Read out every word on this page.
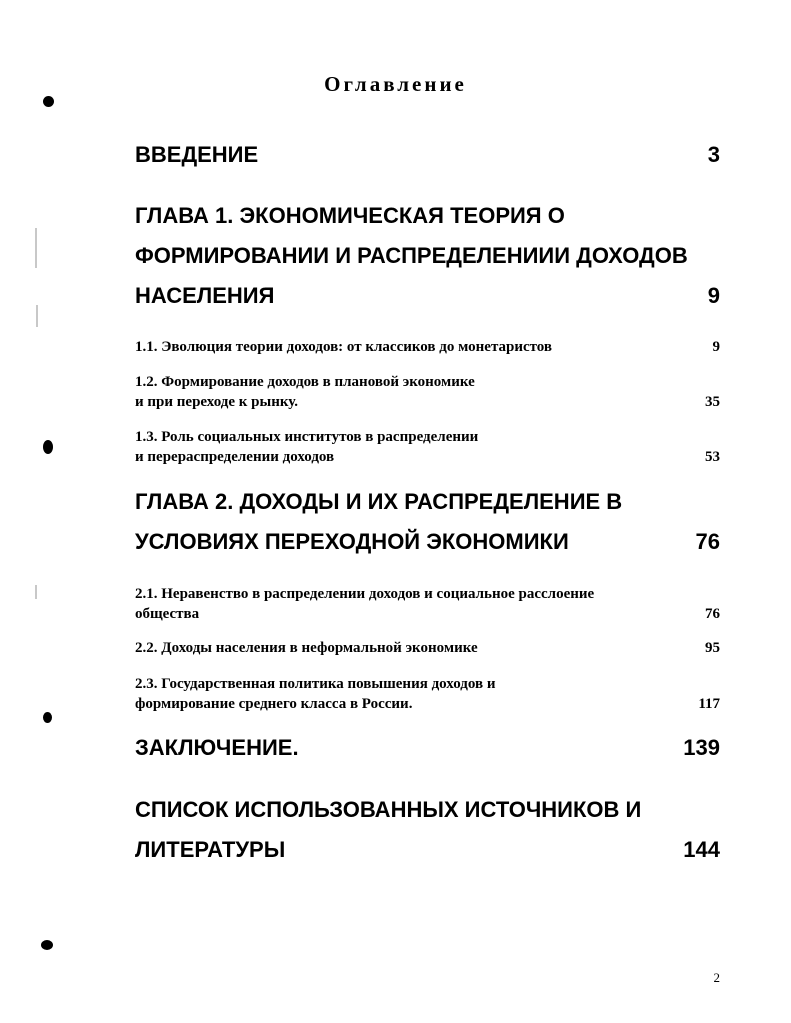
Оглавление
ВВЕДЕНИЕ	3
ГЛАВА 1. ЭКОНОМИЧЕСКАЯ ТЕОРИЯ О
ФОРМИРОВАНИИ И РАСПРЕДЕЛЕНИИИ ДОХОДОВ
НАСЕЛЕНИЯ	9
1.1. Эволюция теории доходов: от классиков до монетаристов	9
1.2. Формирование доходов в плановой экономике
и при переходе к рынку.	35
1.3. Роль социальных институтов в распределении
и перераспределении доходов	53
ГЛАВА 2. ДОХОДЫ И ИХ РАСПРЕДЕЛЕНИЕ В
УСЛОВИЯХ ПЕРЕХОДНОЙ ЭКОНОМИКИ	76
2.1. Неравенство в распределении доходов и социальное расслоение
общества	76
2.2. Доходы населения в неформальной экономике	95
2.3. Государственная политика повышения доходов и
формирование среднего класса в России.	117
ЗАКЛЮЧЕНИЕ.	139
СПИСОК ИСПОЛЬЗОВАННЫХ ИСТОЧНИКОВ И
ЛИТЕРАТУРЫ	144
2
